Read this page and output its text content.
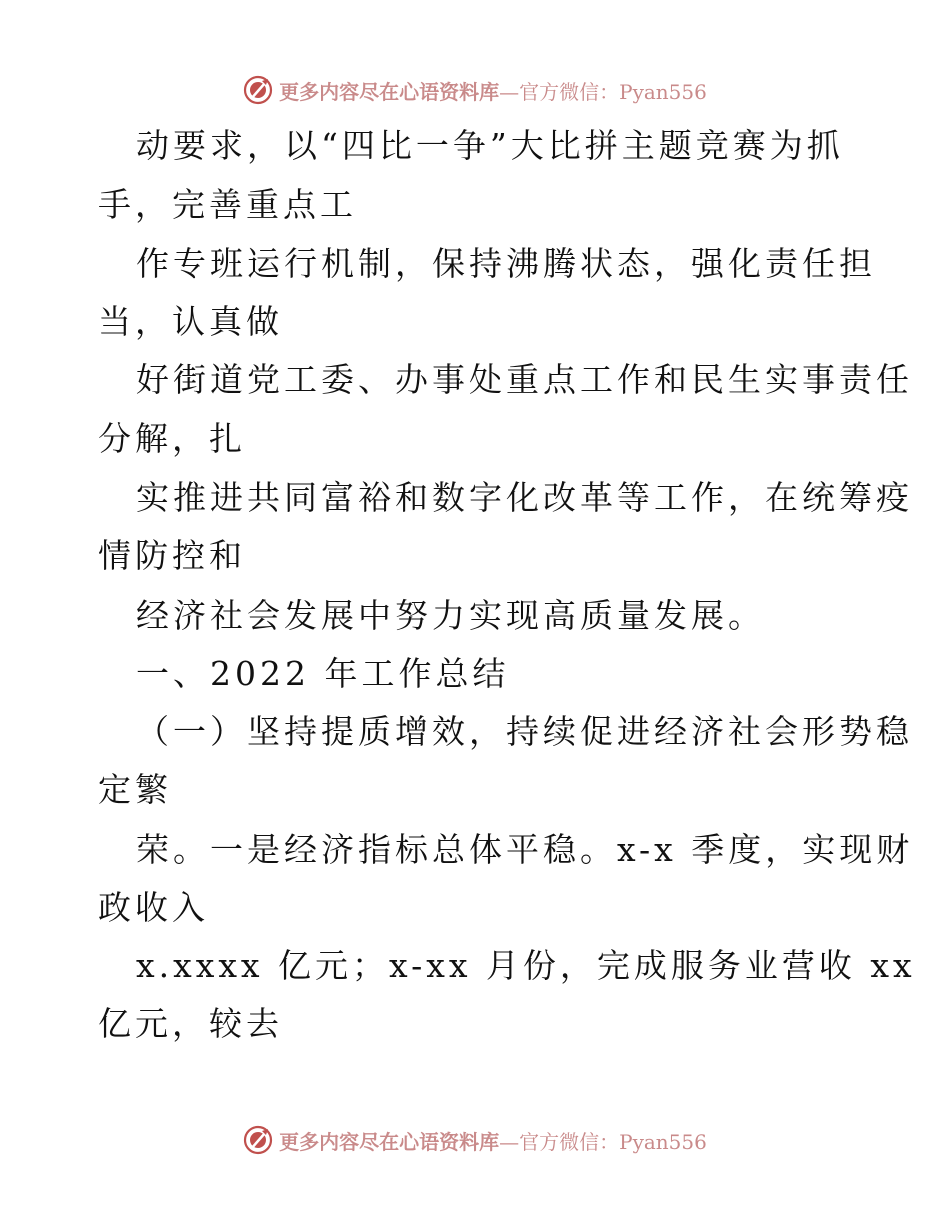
更多内容尽在心语资料库—官方微信：Pyan556
动要求，以“四比一争”大比拼主题竞赛为抓
手，完善重点工
作专班运行机制，保持沸腾状态，强化责任担
当，认真做
好街道党工委、办事处重点工作和民生实事责任
分解，扎
实推进共同富裕和数字化改革等工作，在统筹疫
情防控和
经济社会发展中努力实现高质量发展。
一、2022 年工作总结
（一）坚持提质增效，持续促进经济社会形势稳
定繁
荣。一是经济指标总体平稳。x-x 季度，实现财
政收入
x.xxxx 亿元；x-xx 月份，完成服务业营收 xx
亿元，较去
更多内容尽在心语资料库—官方微信：Pyan556
